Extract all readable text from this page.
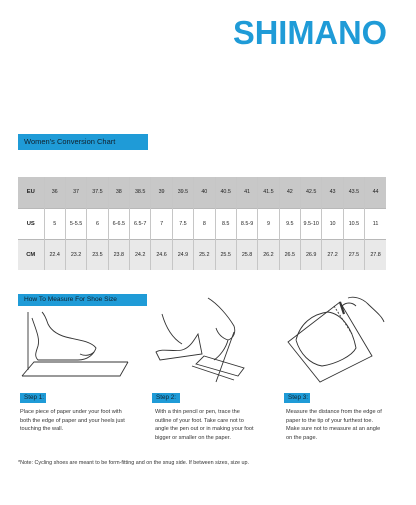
SHIMANO
Women's Conversion Chart
EU	36	37	37.5	38	38.5	39	39.5	40	40.5	41	41.5	42	42.5	43	43.5	44
US	5	5-5.5	6	6-6.5	6.5-7	7	7.5	8	8.5	8.5-9	9	9.5	9.5-10	10	10.5	11
CM	22.4	23.2	23.5	23.8	24.2	24.6	24.9	25.2	25.5	25.8	26.2	26.5	26.9	27.2	27.5	27.8
How To Measure For Shoe Size
Step 1:	Step 2:	Step 3:
Place piece of paper under your foot with both the edge of paper and your heels just touching the wall.
With a thin pencil or pen, trace the outline of your foot. Take care not to angle the pen out or in making your foot bigger or smaller on the paper.
Measure the distance from the edge of paper to the tip of your furthest toe. Make sure not to measure at an angle on the page.
*Note: Cycling shoes are meant to be form-fitting and on the snug side. If between sizes, size up.
